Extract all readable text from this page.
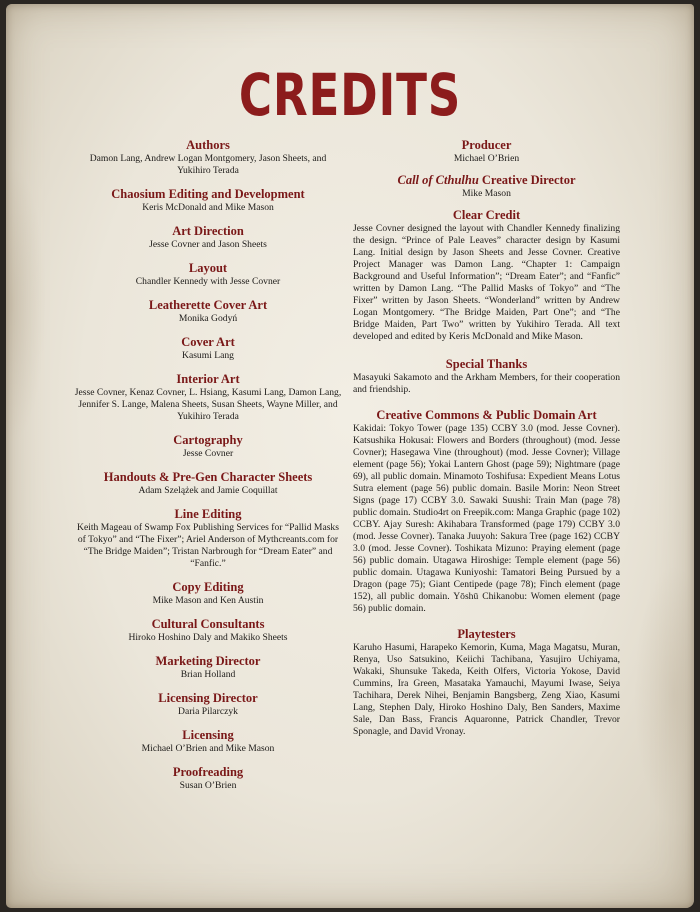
CREDITS
Authors
Damon Lang, Andrew Logan Montgomery, Jason Sheets, and Yukihiro Terada
Chaosium Editing and Development
Keris McDonald and Mike Mason
Art Direction
Jesse Covner and Jason Sheets
Layout
Chandler Kennedy with Jesse Covner
Leatherette Cover Art
Monika Godyń
Cover Art
Kasumi Lang
Interior Art
Jesse Covner, Kenaz Covner, L. Hsiang, Kasumi Lang, Damon Lang, Jennifer S. Lange, Malena Sheets, Susan Sheets, Wayne Miller, and Yukihiro Terada
Cartography
Jesse Covner
Handouts & Pre-Gen Character Sheets
Adam Szelążek and Jamie Coquillat
Line Editing
Keith Mageau of Swamp Fox Publishing Services for “Pallid Masks of Tokyo” and “The Fixer”; Ariel Anderson of Mythcreants.com for “The Bridge Maiden”; Tristan Narbrough for “Dream Eater” and “Fanfic.”
Copy Editing
Mike Mason and Ken Austin
Cultural Consultants
Hiroko Hoshino Daly and Makiko Sheets
Marketing Director
Brian Holland
Licensing Director
Daria Pilarczyk
Licensing
Michael O’Brien and Mike Mason
Proofreading
Susan O’Brien
Producer
Michael O’Brien
Call of Cthulhu Creative Director
Mike Mason
Clear Credit
Jesse Covner designed the layout with Chandler Kennedy finalizing the design. “Prince of Pale Leaves” character design by Kasumi Lang. Initial design by Jason Sheets and Jesse Covner. Creative Project Manager was Damon Lang. “Chapter 1: Campaign Background and Useful Information”; “Dream Eater”; and “Fanfic” written by Damon Lang. “The Pallid Masks of Tokyo” and “The Fixer” written by Jason Sheets. “Wonderland” written by Andrew Logan Montgomery. “The Bridge Maiden, Part One”; and “The Bridge Maiden, Part Two” written by Yukihiro Terada. All text developed and edited by Keris McDonald and Mike Mason.
Special Thanks
Masayuki Sakamoto and the Arkham Members, for their cooperation and friendship.
Creative Commons & Public Domain Art
Kakidai: Tokyo Tower (page 135) CCBY 3.0 (mod. Jesse Covner). Katsushika Hokusai: Flowers and Borders (throughout) (mod. Jesse Covner); Hasegawa Vine (throughout) (mod. Jesse Covner); Village element (page 56); Yokai Lantern Ghost (page 59); Nightmare (page 69), all public domain. Minamoto Toshifusa: Expedient Means Lotus Sutra element (page 56) public domain. Basile Morin: Neon Street Signs (page 17) CCBY 3.0. Sawaki Suushi: Train Man (page 78) public domain. Studio4rt on Freepik.com: Manga Graphic (page 102) CCBY. Ajay Suresh: Akihabara Transformed (page 179) CCBY 3.0 (mod. Jesse Covner). Tanaka Juuyoh: Sakura Tree (page 162) CCBY 3.0 (mod. Jesse Covner). Toshikata Mizuno: Praying element (page 56) public domain. Utagawa Hiroshige: Temple element (page 56) public domain. Utagawa Kuniyoshi: Tamatori Being Pursued by a Dragon (page 75); Giant Centipede (page 78); Finch element (page 152), all public domain. Yōshū Chikanobu: Women element (page 56) public domain.
Playtesters
Karuho Hasumi, Harapeko Kemorin, Kuma, Maga Magatsu, Muran, Renya, Uso Satsukino, Keiichi Tachibana, Yasujiro Uchiyama, Wakaki, Shunsuke Takeda, Keith Olfers, Victoria Yokose, David Cummins, Ira Green, Masataka Yamauchi, Mayumi Iwase, Seiya Tachihara, Derek Nihei, Benjamin Bangsberg, Zeng Xiao, Kasumi Lang, Stephen Daly, Hiroko Hoshino Daly, Ben Sanders, Maxime Sale, Dan Bass, Francis Aquaronne, Patrick Chandler, Trevor Sponagle, and David Vronay.
